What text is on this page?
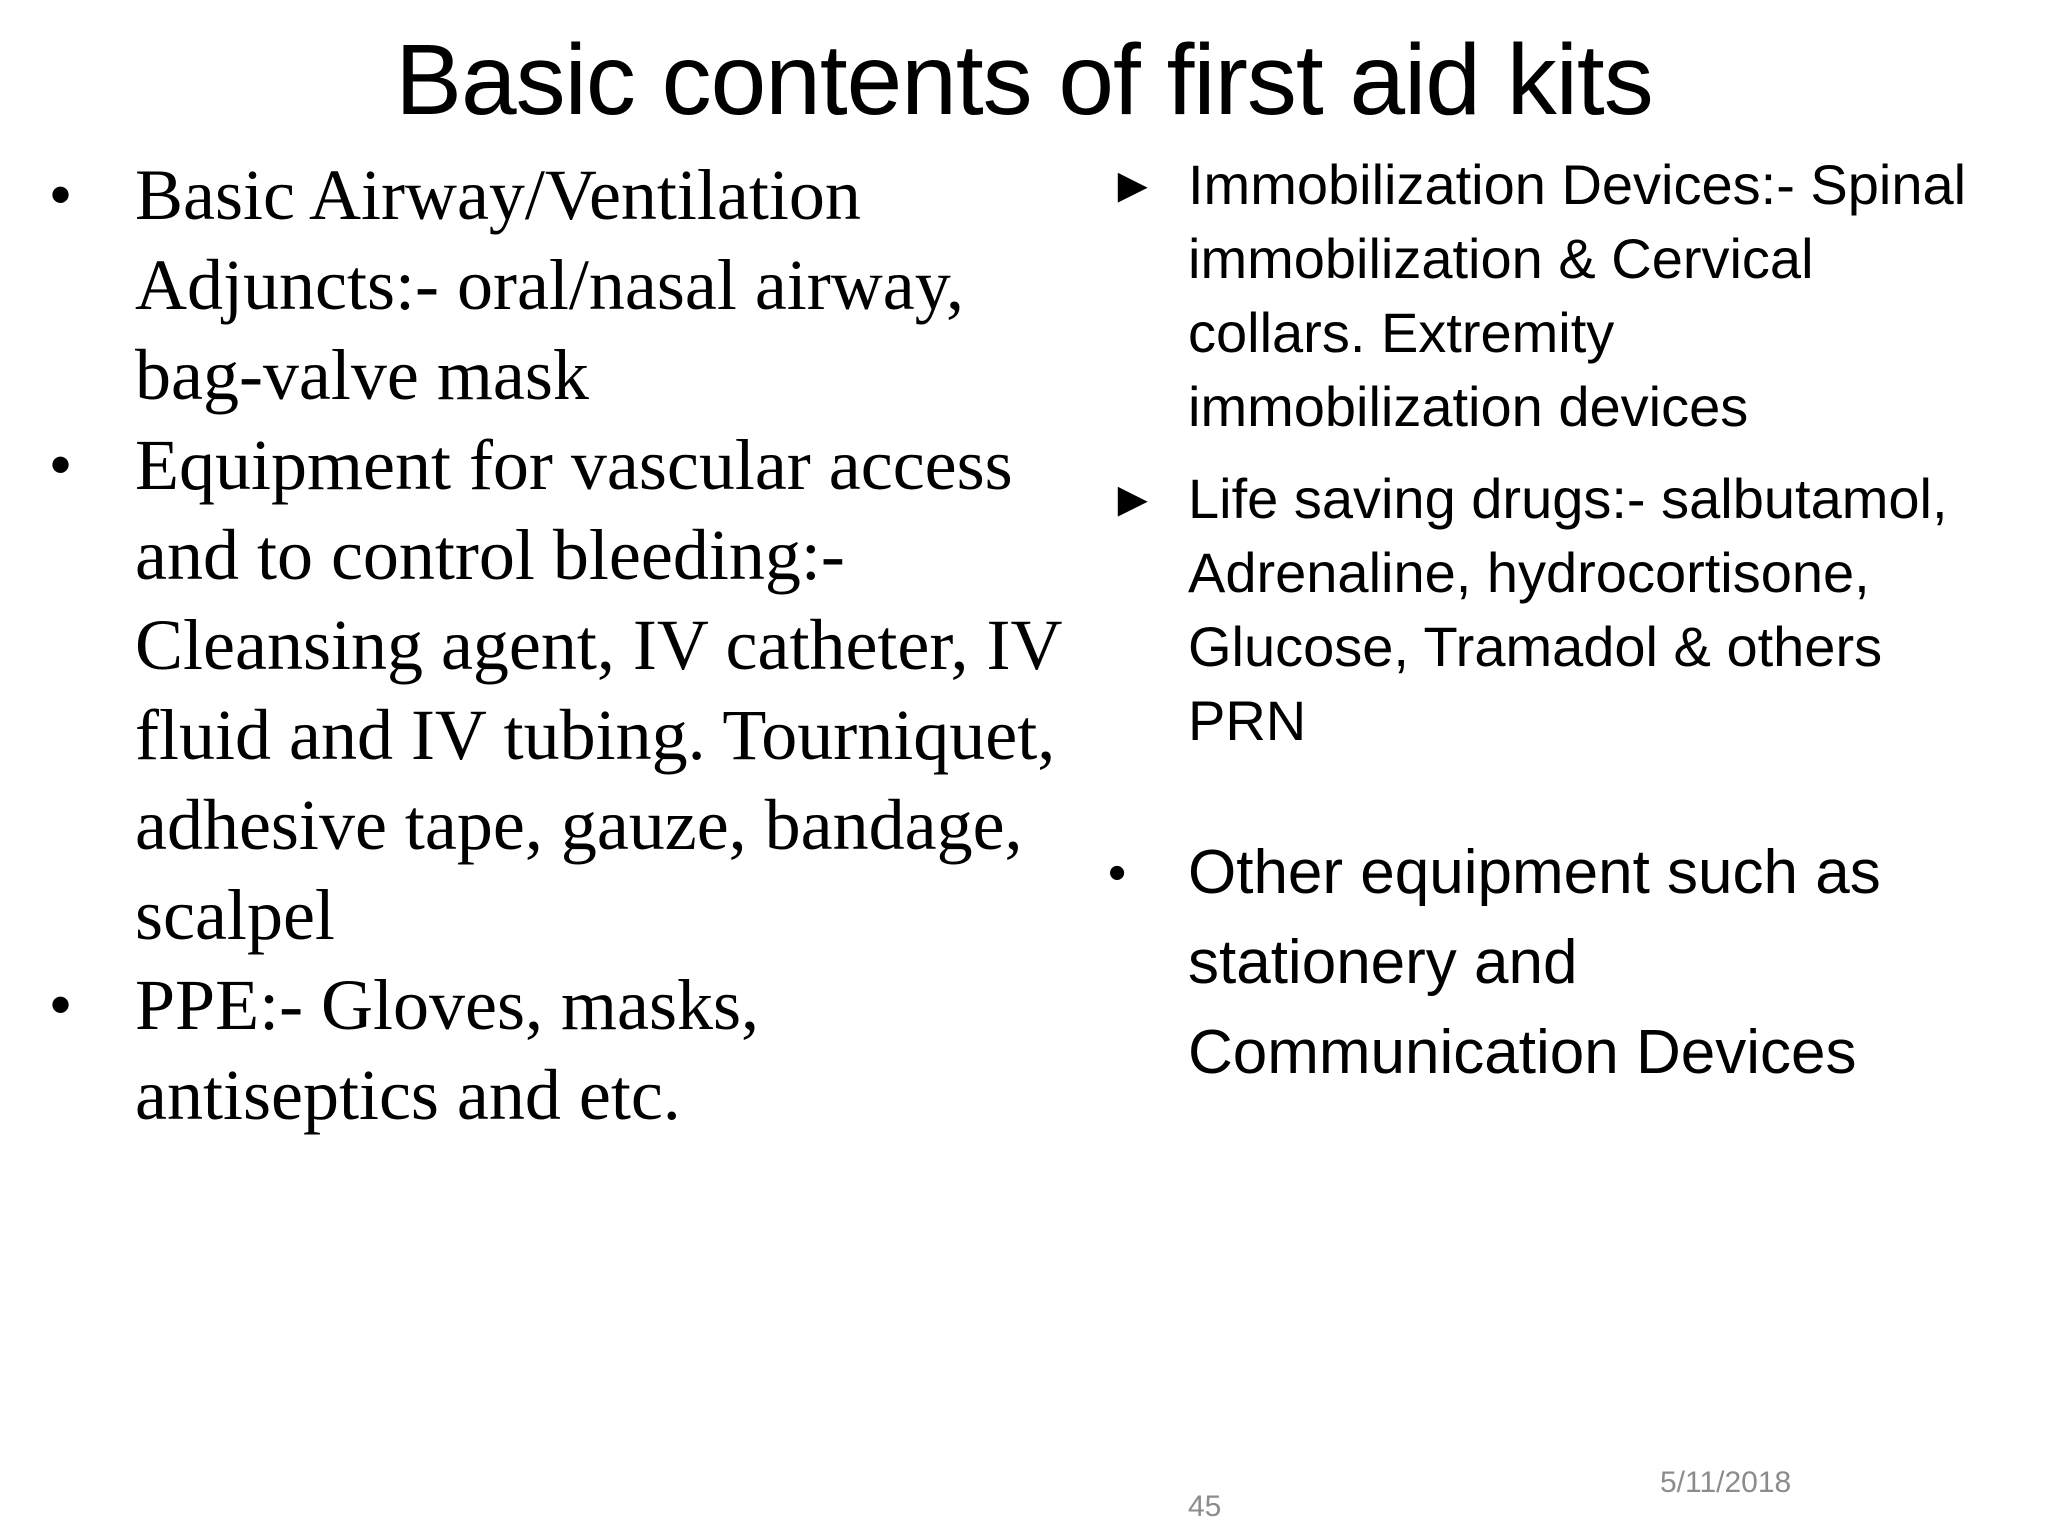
Basic contents of first aid kits
• Basic Airway/Ventilation Adjuncts:- oral/nasal airway, bag-valve mask
• Equipment for vascular access and to control bleeding:- Cleansing agent, IV catheter, IV fluid and IV tubing. Tourniquet, adhesive tape, gauze, bandage, scalpel
• PPE:- Gloves, masks, antiseptics and etc.
► Immobilization Devices:- Spinal immobilization & Cervical collars. Extremity immobilization devices
► Life saving drugs:- salbutamol, Adrenaline, hydrocortisone, Glucose, Tramadol & others PRN
• Other equipment such as stationery and Communication Devices
5/11/2018
45
